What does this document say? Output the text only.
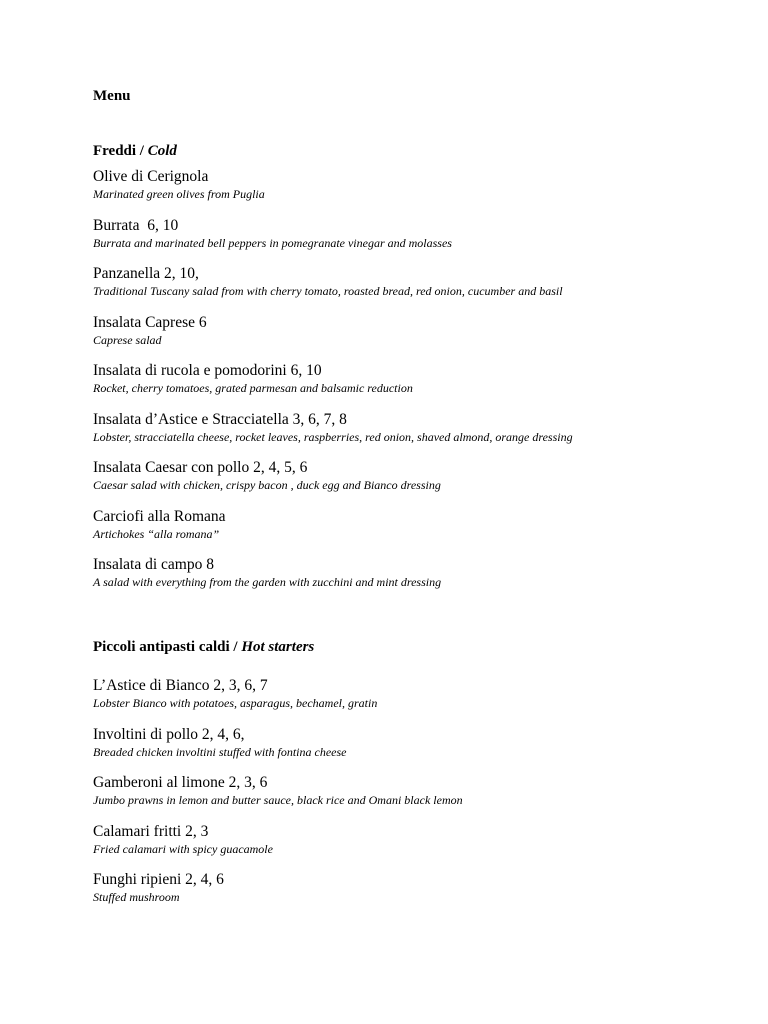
Menu
Freddi / Cold
Olive di Cerignola
Marinated green olives from Puglia
Burrata  6, 10
Burrata and marinated bell peppers in pomegranate vinegar and molasses
Panzanella 2, 10,
Traditional Tuscany salad from with cherry tomato, roasted bread, red onion, cucumber and basil
Insalata Caprese 6
Caprese salad
Insalata di rucola e pomodorini 6, 10
Rocket, cherry tomatoes, grated parmesan and balsamic reduction
Insalata d’Astice e Stracciatella 3, 6, 7, 8
Lobster, stracciatella cheese, rocket leaves, raspberries, red onion, shaved almond, orange dressing
Insalata Caesar con pollo 2, 4, 5, 6
Caesar salad with chicken, crispy bacon , duck egg and Bianco dressing
Carciofi alla Romana
Artichokes “alla romana”
Insalata di campo 8
A salad with everything from the garden with zucchini and mint dressing
Piccoli antipasti caldi / Hot starters
L’Astice di Bianco 2, 3, 6, 7
Lobster Bianco with potatoes, asparagus, bechamel, gratin
Involtini di pollo 2, 4, 6,
Breaded chicken involtini stuffed with fontina cheese
Gamberoni al limone 2, 3, 6
Jumbo prawns in lemon and butter sauce, black rice and Omani black lemon
Calamari fritti 2, 3
Fried calamari with spicy guacamole
Funghi ripieni 2, 4, 6
Stuffed mushroom
